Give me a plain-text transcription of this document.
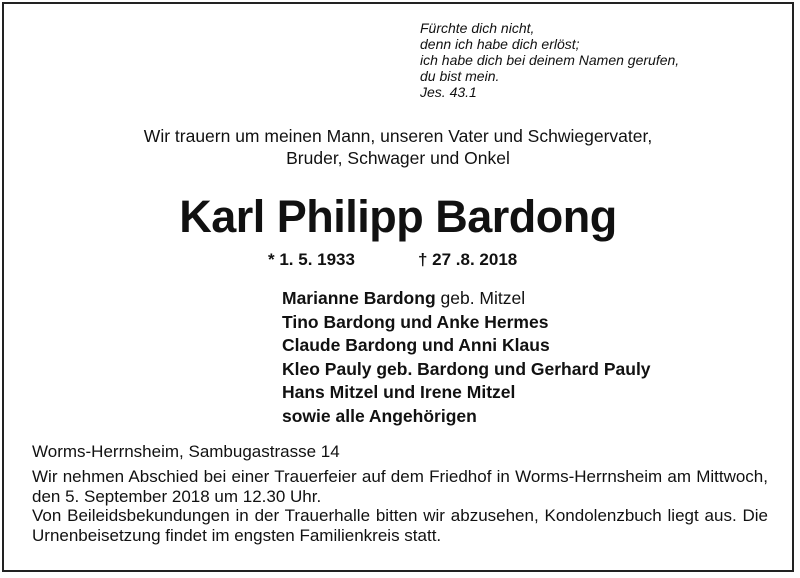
Fürchte dich nicht,
denn ich habe dich erlöst;
ich habe dich bei deinem Namen gerufen,
du bist mein.
Jes. 43.1
Wir trauern um meinen Mann, unseren Vater und Schwiegervater,
Bruder, Schwager und Onkel
Karl Philipp Bardong
* 1. 5. 1933	† 27 .8. 2018
Marianne Bardong geb. Mitzel
Tino Bardong und Anke Hermes
Claude Bardong und Anni Klaus
Kleo Pauly geb. Bardong und Gerhard Pauly
Hans Mitzel und Irene Mitzel
sowie alle Angehörigen
Worms-Herrnsheim, Sambugastrasse 14
Wir nehmen Abschied bei einer Trauerfeier auf dem Friedhof in Worms-Herrnsheim am Mittwoch, den 5. September 2018 um 12.30 Uhr.
Von Beileidsbekundungen in der Trauerhalle bitten wir abzusehen, Kondolenzbuch liegt aus. Die Urnenbeisetzung findet im engsten Familienkreis statt.
